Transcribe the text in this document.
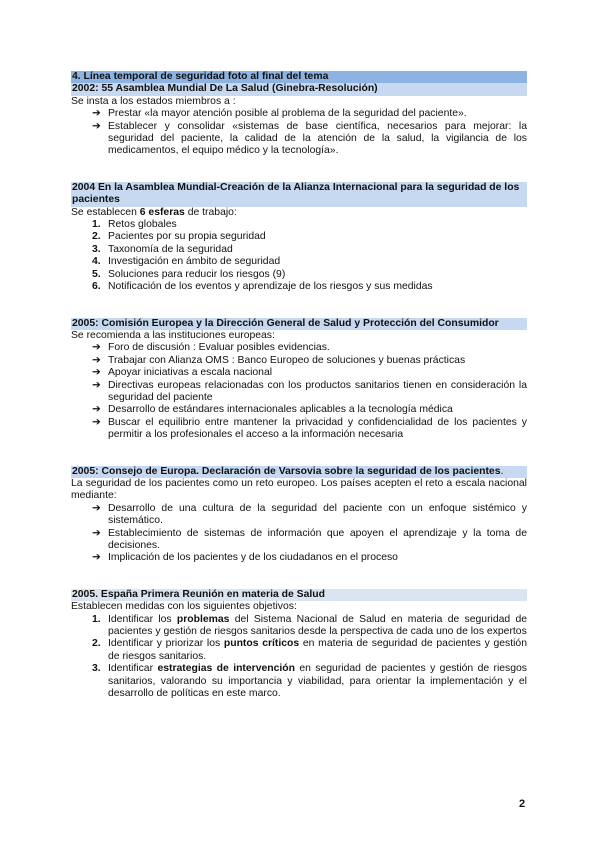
4. Línea temporal de seguridad foto al final del tema
2002: 55 Asamblea Mundial De La Salud (Ginebra-Resolución)
Se insta a los estados miembros a :
➔ Prestar «la mayor atención posible al problema de la seguridad del paciente».
➔ Establecer y consolidar «sistemas de base científica, necesarios para mejorar: la seguridad del paciente, la calidad de la atención de la salud, la vigilancia de los medicamentos, el equipo médico y la tecnología».
2004 En la Asamblea Mundial-Creación de la Alianza Internacional para la seguridad de los pacientes
Se establecen 6 esferas de trabajo:
1. Retos globales
2. Pacientes por su propia seguridad
3. Taxonomía de la seguridad
4. Investigación en ámbito de seguridad
5. Soluciones para reducir los riesgos (9)
6. Notificación de los eventos y aprendizaje de los riesgos y sus medidas
2005: Comisión Europea y la Dirección General de Salud y Protección del Consumidor
Se recomienda a las instituciones europeas:
➔ Foro de discusión : Evaluar posibles evidencias.
➔ Trabajar con Alianza OMS : Banco Europeo de soluciones y buenas prácticas
➔ Apoyar iniciativas a escala nacional
➔ Directivas europeas relacionadas con los productos sanitarios tienen en consideración la seguridad del paciente
➔ Desarrollo de estándares internacionales aplicables a la tecnología médica
➔ Buscar el equilibrio entre mantener la privacidad y confidencialidad de los pacientes y permitir a los profesionales el acceso a la información necesaria
2005: Consejo de Europa. Declaración de Varsovia sobre la seguridad de los pacientes.
La seguridad de los pacientes como un reto europeo. Los países acepten el reto a escala nacional mediante:
➔ Desarrollo de una cultura de la seguridad del paciente con un enfoque sistémico y sistemático.
➔ Establecimiento de sistemas de información que apoyen el aprendizaje y la toma de decisiones.
➔ Implicación de los pacientes y de los ciudadanos en el proceso
2005. España Primera Reunión en materia de Salud
Establecen medidas con los siguientes objetivos:
1. Identificar los problemas del Sistema Nacional de Salud en materia de seguridad de pacientes y gestión de riesgos sanitarios desde la perspectiva de cada uno de los expertos
2. Identificar y priorizar los puntos críticos en materia de seguridad de pacientes y gestión de riesgos sanitarios.
3. Identificar estrategias de intervención en seguridad de pacientes y gestión de riesgos sanitarios, valorando su importancia y viabilidad, para orientar la implementación y el desarrollo de políticas en este marco.
2
